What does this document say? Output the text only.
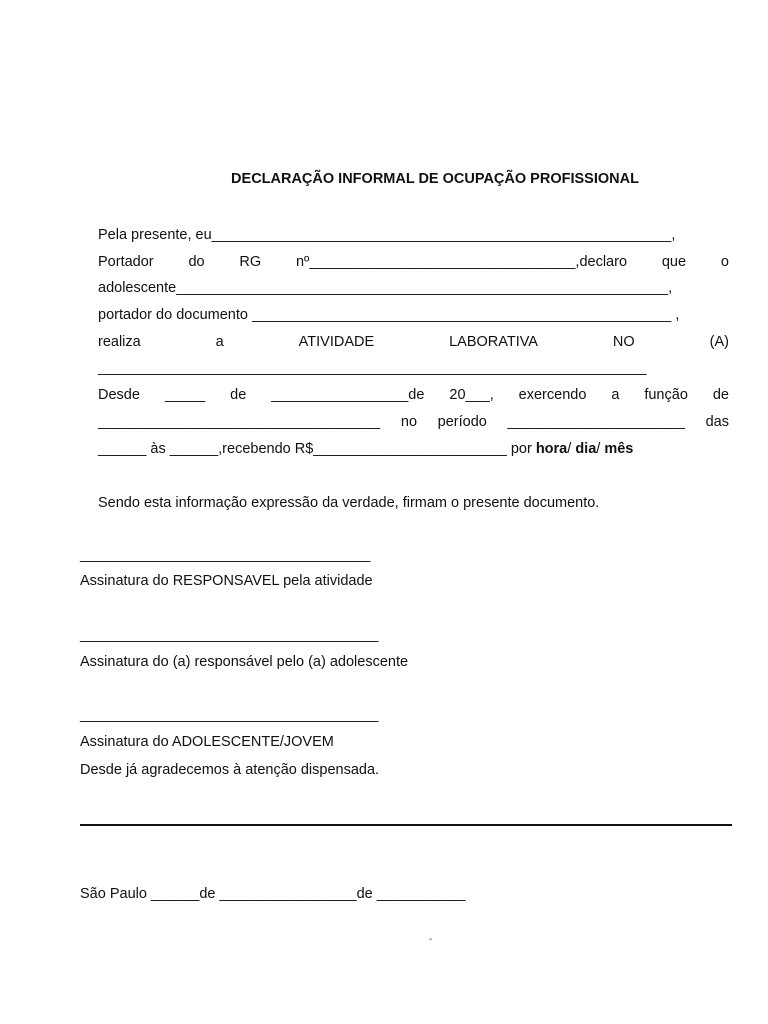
DECLARAÇÃO INFORMAL DE OCUPAÇÃO PROFISSIONAL
Pela presente, eu_________________________________________________________,
Portador do RG nº_________________________________,declaro que o
adolescente_____________________________________________________________,
portador do documento ____________________________________________________ ,
realiza	a	ATIVIDADE	LABORATIVA	NO	(A)
____________________________________________________________________
Desde _____ de _________________de 20___, exercendo a função de
___________________________________ no período ______________________ das
______ às ______,recebendo R$________________________ por hora/ dia/ mês
Sendo esta informação expressão da verdade, firmam o presente documento.
____________________________________
Assinatura do RESPONSAVEL pela atividade
_____________________________________
Assinatura do (a) responsável pelo (a) adolescente
_____________________________________
Assinatura do ADOLESCENTE/JOVEM
Desde já agradecemos à atenção dispensada.
São Paulo ______de _________________de ___________
-
